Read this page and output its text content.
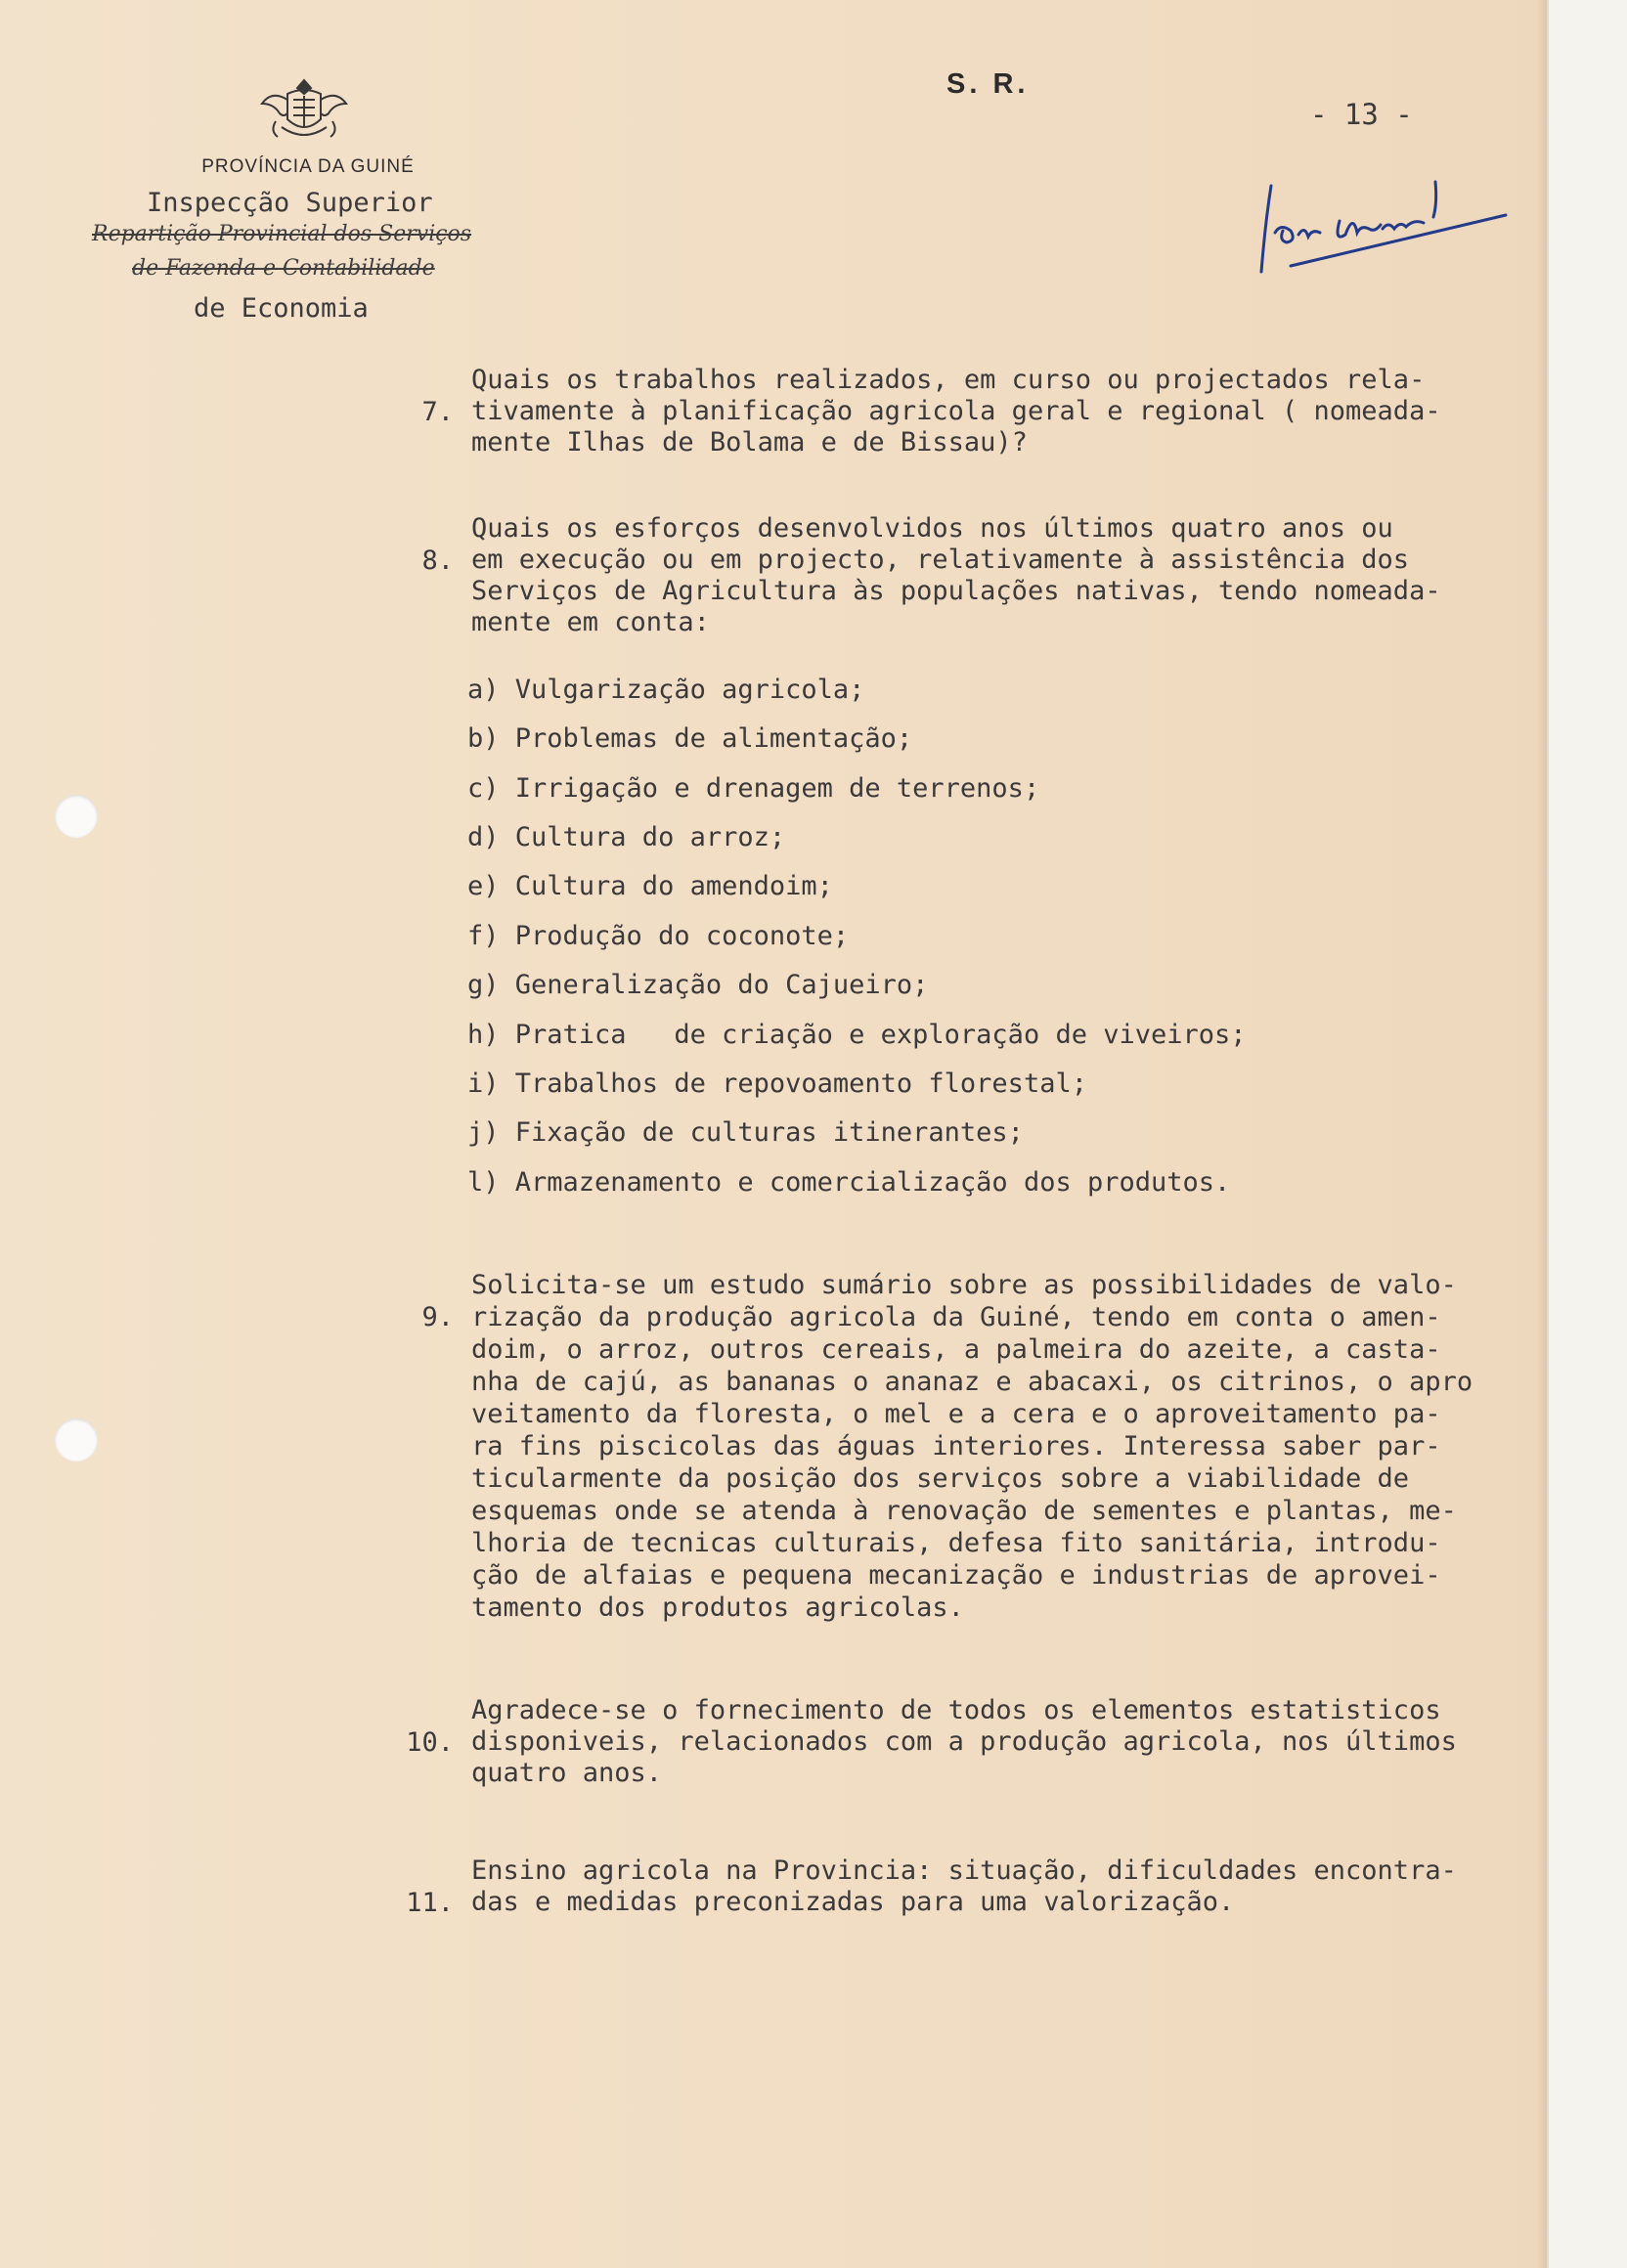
PROVÍNCIA DA GUINÉ
Inspecção Superior
Repartição Provincial dos Serviços
de Fazenda e Contabilidade
de Economia
S. R.
- 13 -

7.

Quais os trabalhos realizados, em curso ou projectados rela-

tivamente à planificação agricola geral e regional ( nomeada-

mente Ilhas de Bolama e de Bissau)?

8.

Quais os esforços desenvolvidos nos últimos quatro anos ou

em execução ou em projecto, relativamente à assistência dos

Serviços de Agricultura às populações nativas, tendo nomeada-

mente em conta:

a) Vulgarização agricola;
b) Problemas de alimentação;
c) Irrigação e drenagem de terrenos;
d) Cultura do arroz;
e) Cultura do amendoim;
f) Produção do coconote;
g) Generalização do Cajueiro;
h) Pratica   de criação e exploração de viveiros;
i) Trabalhos de repovoamento florestal;
j) Fixação de culturas itinerantes;
l) Armazenamento e comercialização dos produtos.

9.

Solicita-se um estudo sumário sobre as possibilidades de valo-

rização da produção agricola da Guiné, tendo em conta o amen-

doim, o arroz, outros cereais, a palmeira do azeite, a casta-

nha de cajú, as bananas o ananaz e abacaxi, os citrinos, o apro

veitamento da floresta, o mel e a cera e o aproveitamento pa-

ra fins piscicolas das águas interiores. Interessa saber par-

ticularmente da posição dos serviços sobre a viabilidade de

esquemas onde se atenda à renovação de sementes e plantas, me-

lhoria de tecnicas culturais, defesa fito sanitária, introdu-

ção de alfaias e pequena mecanização e industrias de aprovei-

tamento dos produtos agricolas.

10.

Agradece-se o fornecimento de todos os elementos estatisticos

disponiveis, relacionados com a produção agricola, nos últimos

quatro anos.

11.

Ensino agricola na Provincia: situação, dificuldades encontra-

das e medidas preconizadas para uma valorização.
